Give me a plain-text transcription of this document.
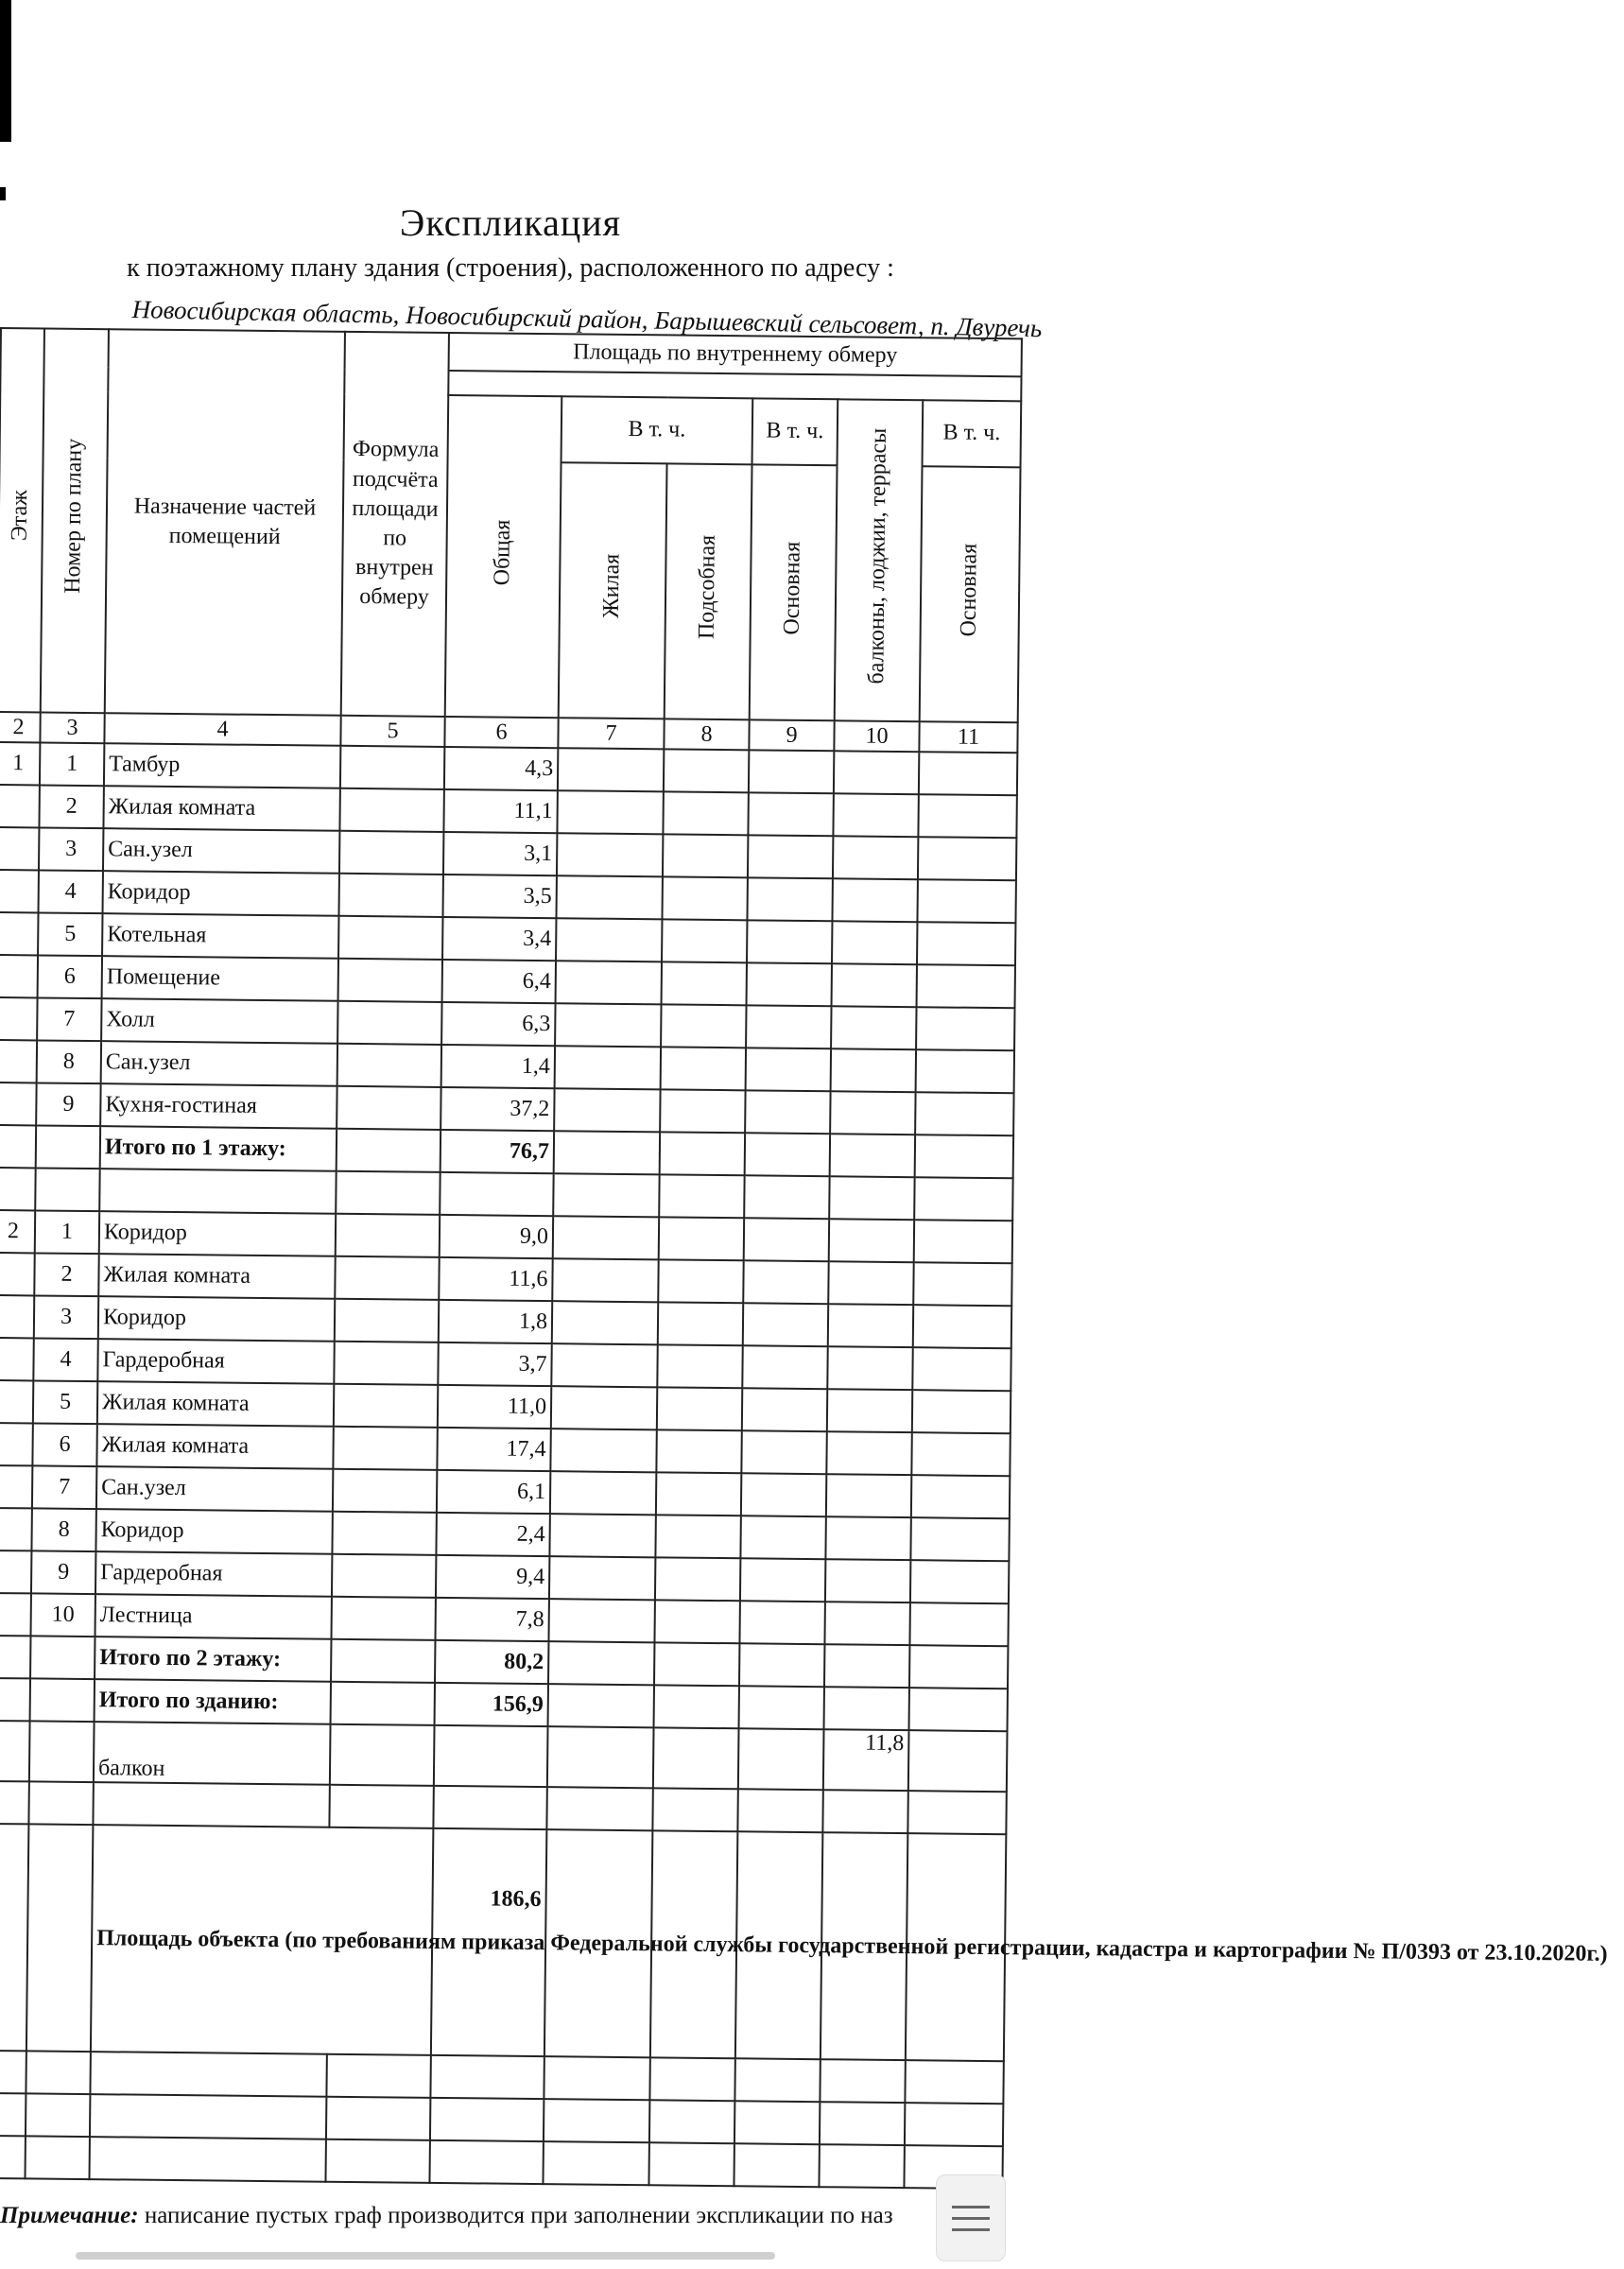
Экспликация
к поэтажному плану здания (строения), расположенного по адресу :
Новосибирская область, Новосибирский район, Барышевский сельсовет, п. Двуречь
Этаж	Номер по плану	Назначение частей помещений	Формула подсчёта площади по внутрен обмеру	Площадь по внутреннему обмеру					

				Общая	В т. ч.		В т. ч.	балконы, лоджии, террасы	В т. ч.
					Жилая	Подсобная	Основная		Основная
2	3	4	5	6	7	8	9	10	11
1	1	Тамбур		4,3					
	2	Жилая комната		11,1					
	3	Сан.узел		3,1					
	4	Коридор		3,5					
	5	Котельная		3,4					
	6	Помещение		6,4					
	7	Холл		6,3					
	8	Сан.узел		1,4					
	9	Кухня-гостиная		37,2					
		Итого по 1 этажу:		76,7					

2	1	Коридор		9,0					
	2	Жилая комната		11,6					
	3	Коридор		1,8					
	4	Гардеробная		3,7					
	5	Жилая комната		11,0					
	6	Жилая комната		17,4					
	7	Сан.узел		6,1					
	8	Коридор		2,4					
	9	Гардеробная		9,4					
	10	Лестница		7,8					
		Итого по 2 этажу:		80,2					
		Итого по зданию:		156,9					
		балкон						11,8	

		Площадь объекта (по требованиям приказа Федеральной службы государственной регистрации, кадастра и картографии № П/0393 от 23.10.2020г.)		186,6					

Примечание: написание пустых граф производится при заполнении экспликации по наз
